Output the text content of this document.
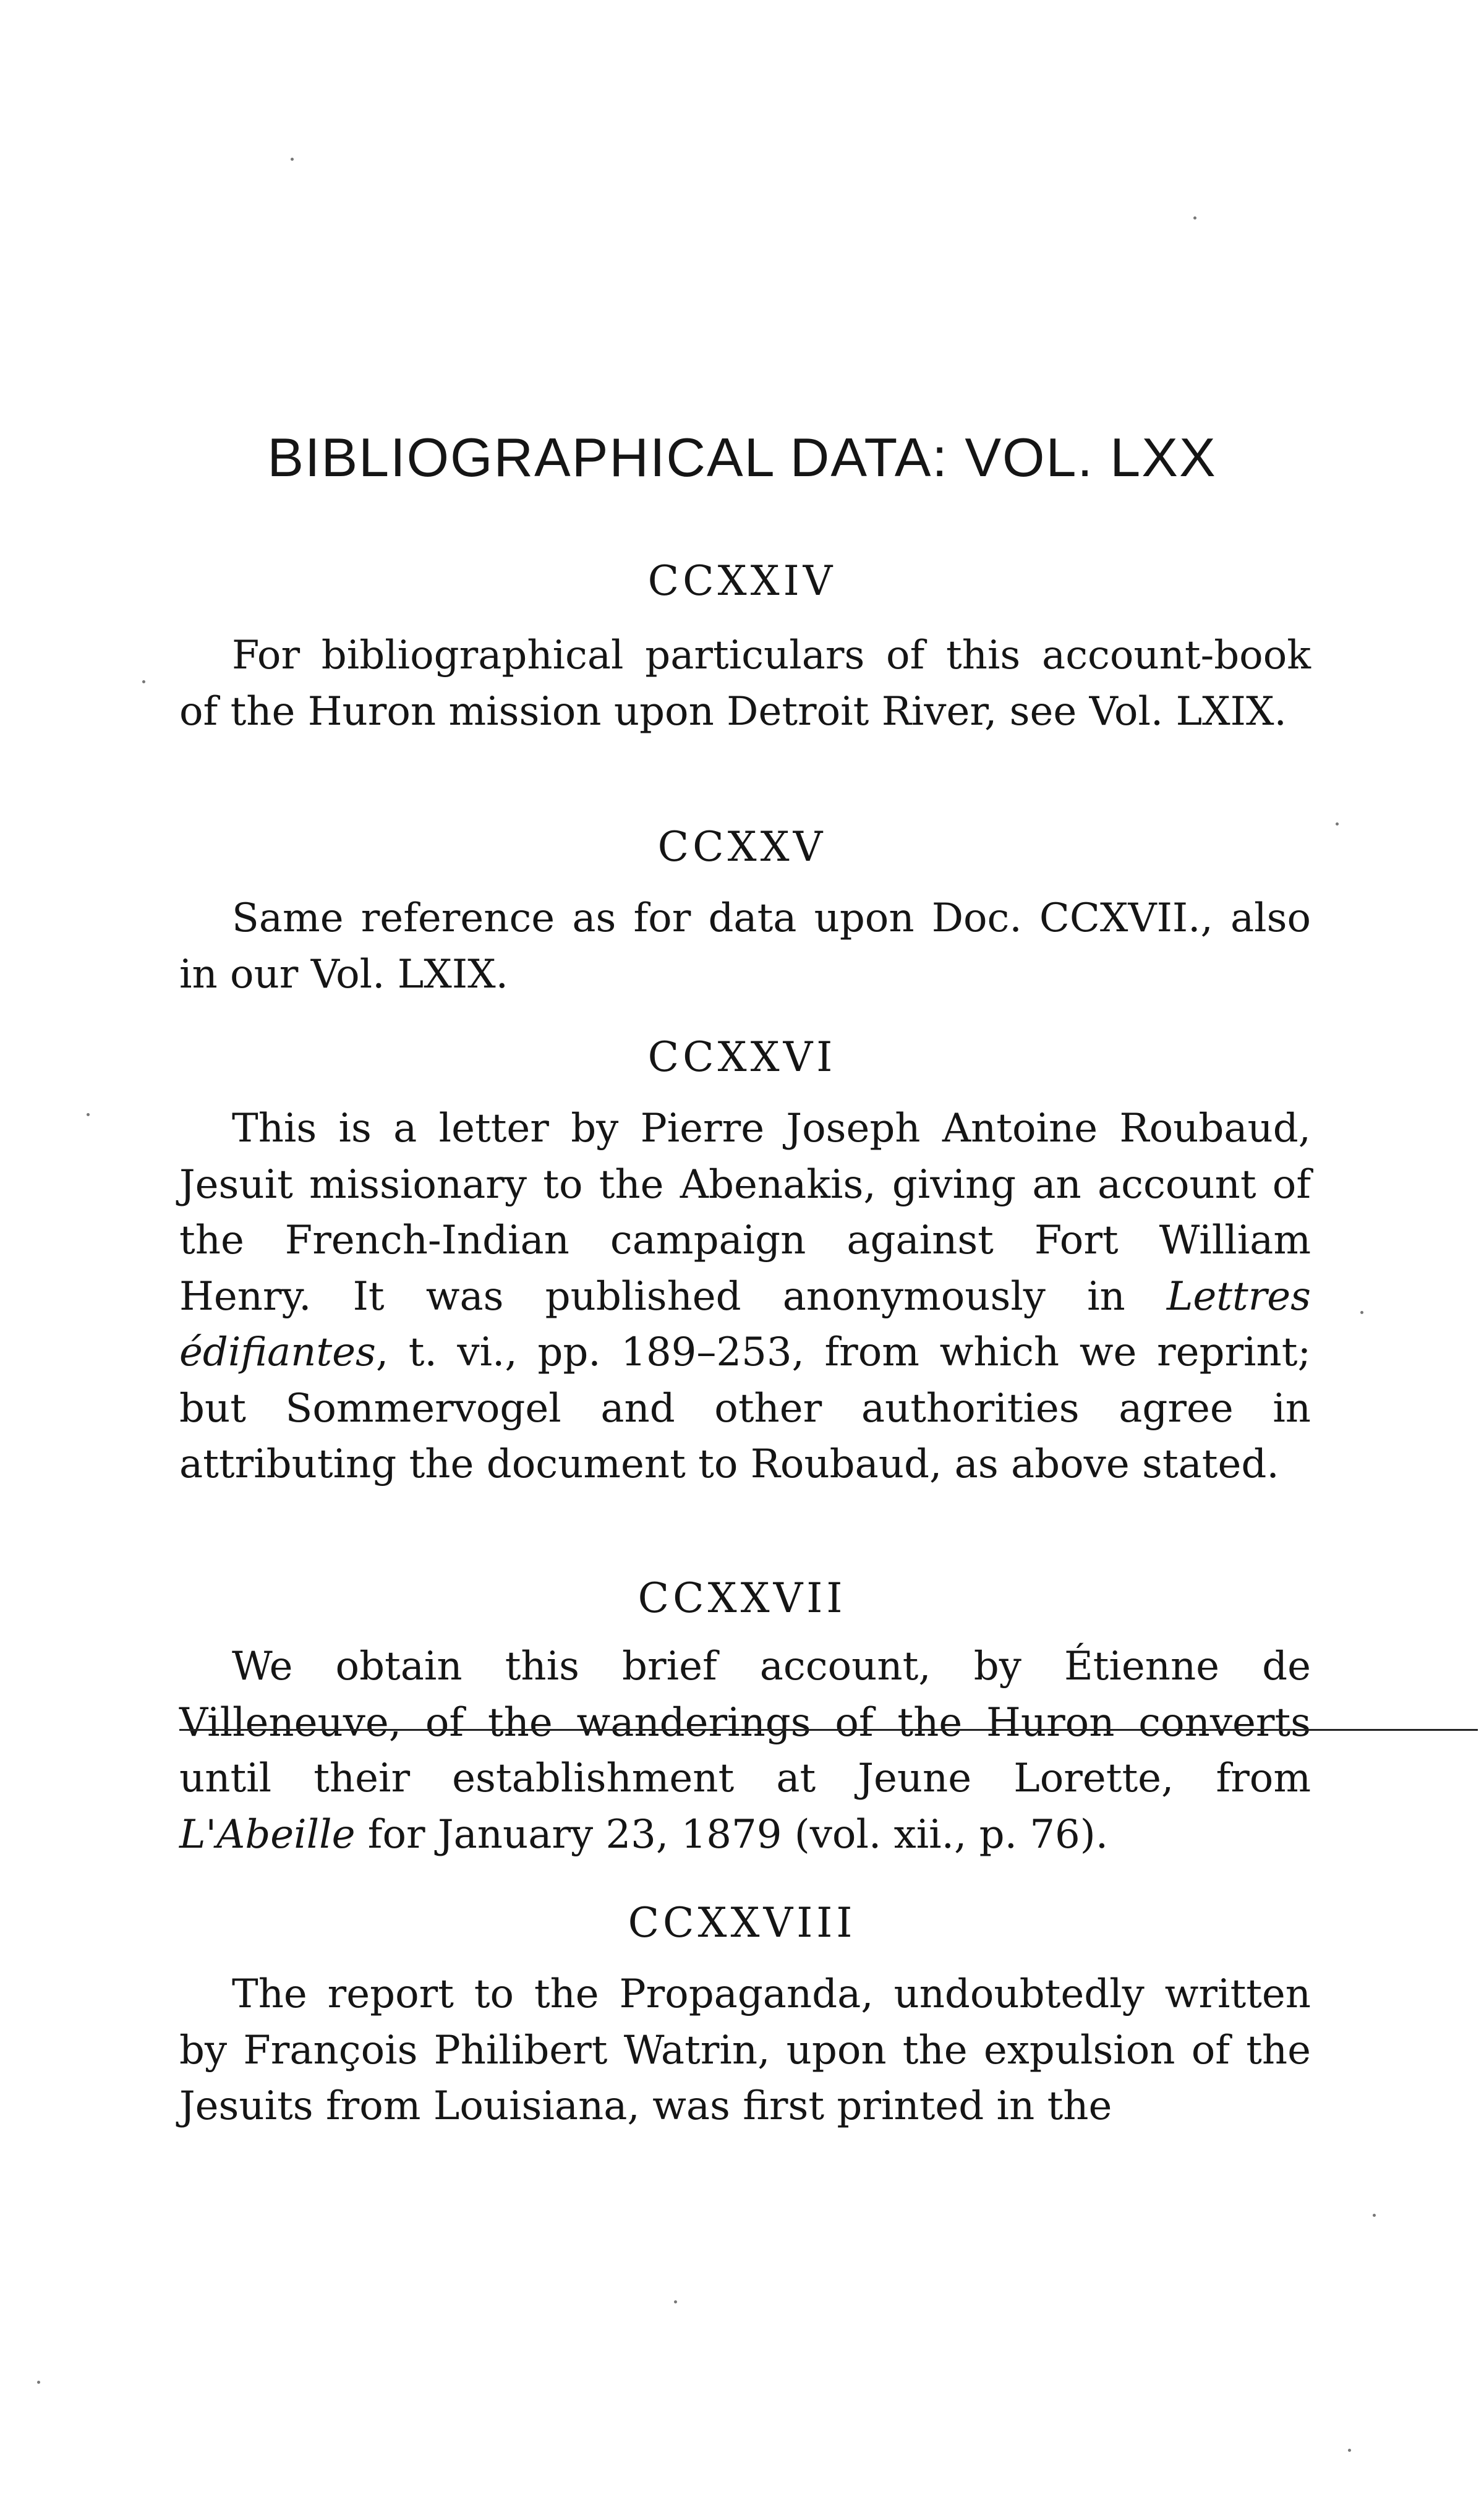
BIBLIOGRAPHICAL DATA: VOL. LXX
CCXXIV

For bibliographical particulars of this account-book of the Huron mission upon Detroit River, see Vol. LXIX.

CCXXV

Same reference as for data upon Doc. CCXVII., also in our Vol. LXIX.

CCXXVI

This is a letter by Pierre Joseph Antoine Roubaud, Jesuit missionary to the Abenakis, giving an account of the French-Indian campaign against Fort William Henry. It was published anonymously in Lettres édifiantes, t. vi., pp. 189–253, from which we reprint; but Sommervogel and other authorities agree in attributing the document to Roubaud, as above stated.

CCXXVII

We obtain this brief account, by Étienne de Villeneuve, of the wanderings of the Huron converts until their establishment at Jeune Lorette, from L'Abeille for January 23, 1879 (vol. xii., p. 76).

CCXXVIII

The report to the Propaganda, undoubtedly written by François Philibert Watrin, upon the expulsion of the Jesuits from Louisiana, was first printed in the
